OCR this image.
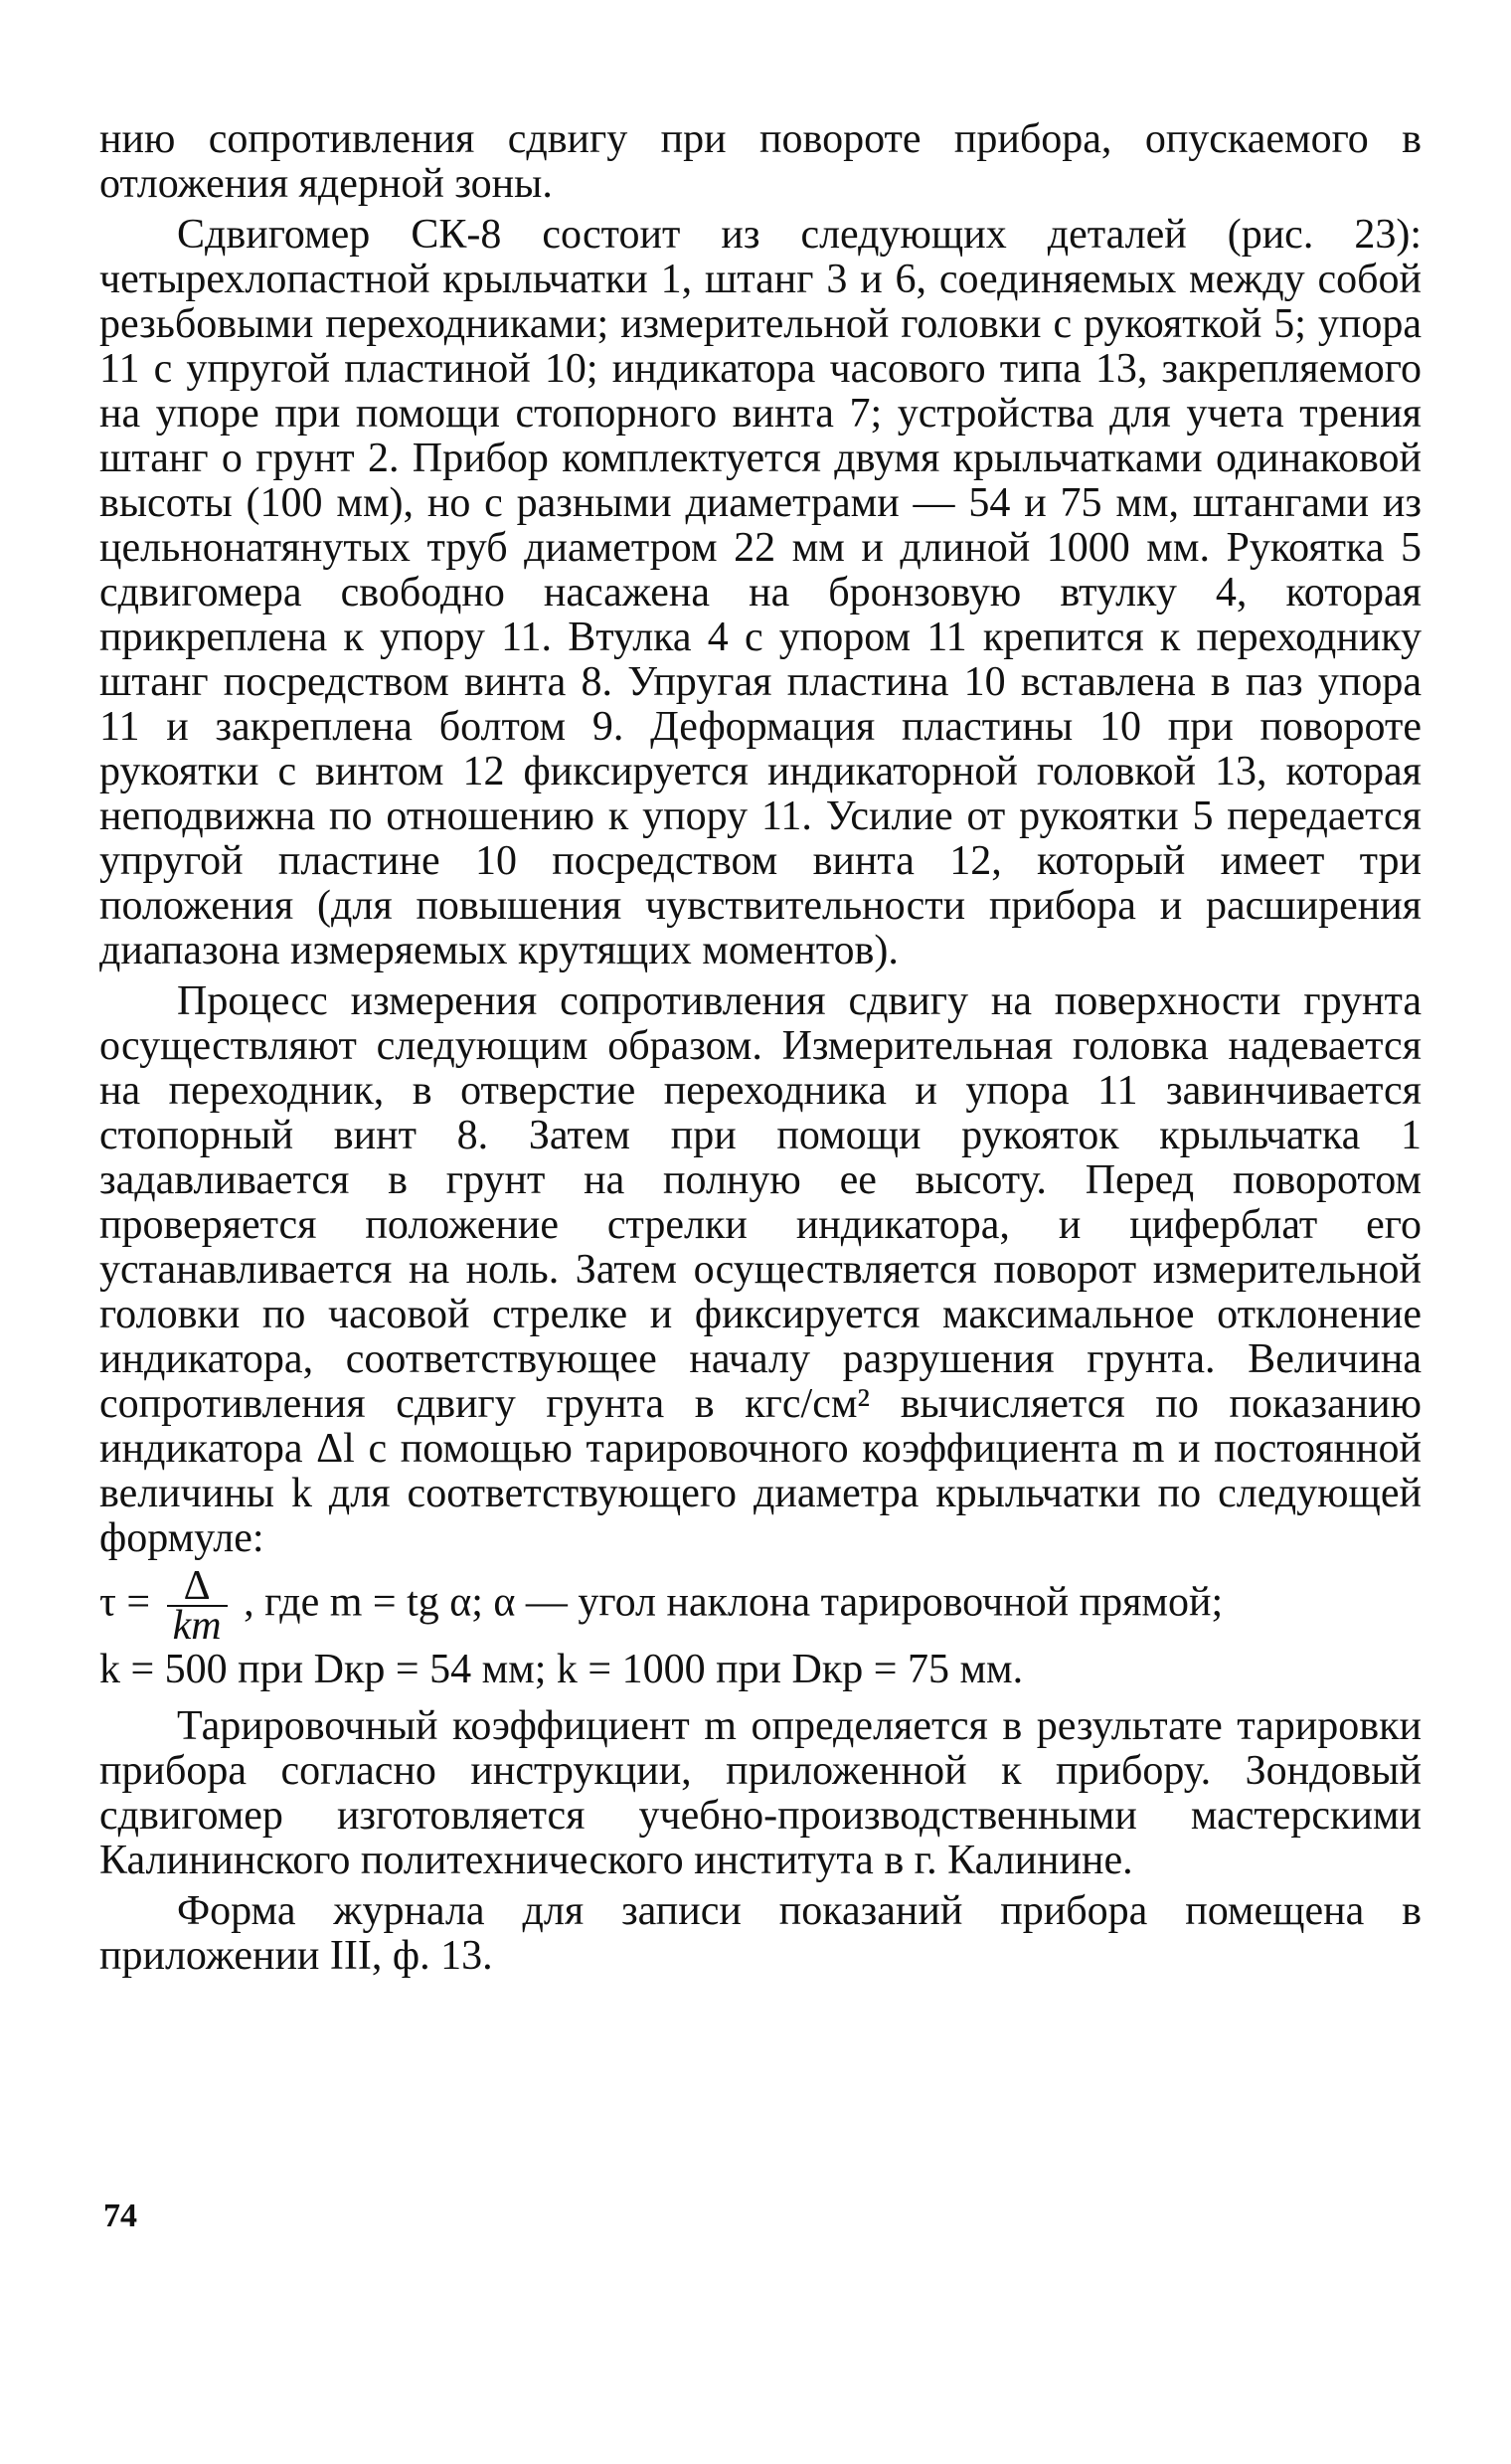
нию сопротивления сдвигу при повороте прибора, опускаемого в отложения ядерной зоны.

Сдвигомер СК-8 состоит из следующих деталей (рис. 23): четырехлопастной крыльчатки 1, штанг 3 и 6, соединяемых между собой резьбовыми переходниками; измерительной головки с рукояткой 5; упора 11 с упругой пластиной 10; индикатора часового типа 13, закрепляемого на упоре при помощи стопорного винта 7; устройства для учета трения штанг о грунт 2. Прибор комплектуется двумя крыльчатками одинаковой высоты (100 мм), но с разными диаметрами — 54 и 75 мм, штангами из цельнонатянутых труб диаметром 22 мм и длиной 1000 мм. Рукоятка 5 сдвигомера свободно насажена на бронзовую втулку 4, которая прикреплена к упору 11. Втулка 4 с упором 11 крепится к переходнику штанг посредством винта 8. Упругая пластина 10 вставлена в паз упора 11 и закреплена болтом 9. Деформация пластины 10 при повороте рукоятки с винтом 12 фиксируется индикаторной головкой 13, которая неподвижна по отношению к упору 11. Усилие от рукоятки 5 передается упругой пластине 10 посредством винта 12, который имеет три положения (для повышения чувствительности прибора и расширения диапазона измеряемых крутящих моментов).

Процесс измерения сопротивления сдвигу на поверхности грунта осуществляют следующим образом. Измерительная головка надевается на переходник, в отверстие переходника и упора 11 завинчивается стопорный винт 8. Затем при помощи рукояток крыльчатка 1 задавливается в грунт на полную ее высоту. Перед поворотом проверяется положение стрелки индикатора, и циферблат его устанавливается на ноль. Затем осуществляется поворот измерительной головки по часовой стрелке и фиксируется максимальное отклонение индикатора, соответствующее началу разрушения грунта. Величина сопротивления сдвигу грунта в кгс/см² вычисляется по показанию индикатора Δl с помощью тарировочного коэффициента m и постоянной величины k для соответствующего диаметра крыльчатки по следующей формуле:

$\tau = \frac{\Delta}{km}$ , где m = tg α; α — угол наклона тарировочной прямой;
k = 500 при Dкр = 54 мм; k = 1000 при Dкр = 75 мм.

Тарировочный коэффициент m определяется в результате тарировки прибора согласно инструкции, приложенной к прибору. Зондовый сдвигомер изготовляется учебно-производственными мастерскими Калининского политехнического института в г. Калинине.

Форма журнала для записи показаний прибора помещена в приложении III, ф. 13.

74
